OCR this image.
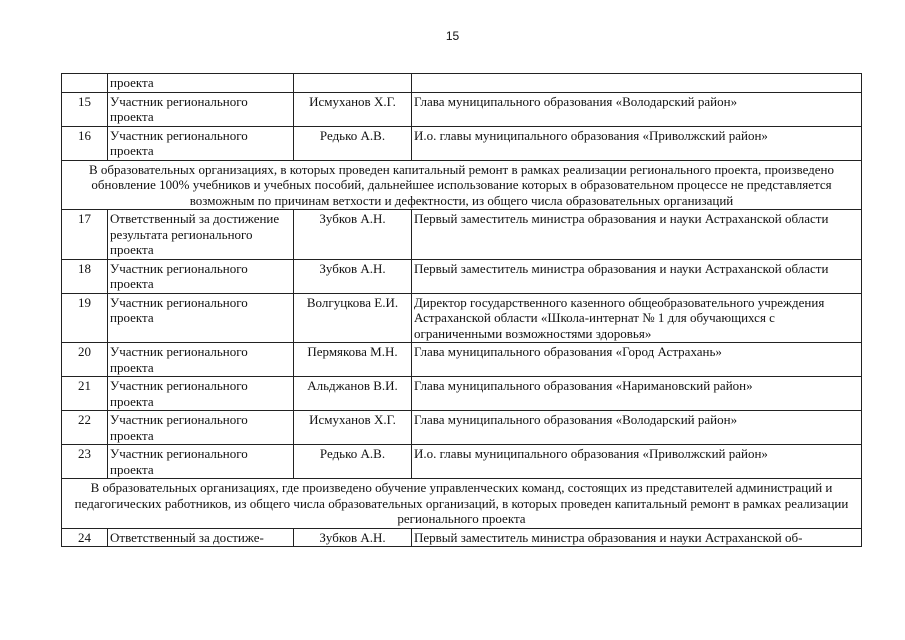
15
	проекта		
15	Участник регионального проекта	Исмуханов Х.Г.	Глава муниципального образования «Володарский район»
16	Участник регионального проекта	Редько А.В.	И.о. главы муниципального образования «Приволжский район»
В образовательных организациях, в которых проведен капитальный ремонт в рамках реализации регионального проекта, произведено обновление 100% учебников и учебных пособий, дальнейшее использование которых в образовательном процессе не представляется возможным по причинам ветхости и дефектности, из общего числа образовательных организаций			
17	Ответственный за достижение результата регионального проекта	Зубков А.Н.	Первый заместитель министра образования и науки Астраханской области
18	Участник регионального проекта	Зубков А.Н.	Первый заместитель министра образования и науки Астраханской области
19	Участник регионального проекта	Волгуцкова Е.И.	Директор государственного казенного общеобразовательного учреждения Астраханской области «Школа-интернат № 1 для обучающихся с ограниченными возможностями здоровья»
20	Участник регионального проекта	Пермякова М.Н.	Глава муниципального образования «Город Астрахань»
21	Участник регионального проекта	Альджанов В.И.	Глава муниципального образования «Наримановский район»
22	Участник регионального проекта	Исмуханов Х.Г.	Глава муниципального образования «Володарский район»
23	Участник регионального проекта	Редько А.В.	И.о. главы муниципального образования «Приволжский район»
В образовательных организациях, где произведено обучение управленческих команд, состоящих из представителей администраций и педагогических работников, из общего числа образовательных организаций, в которых проведен капитальный ремонт в рамках реализации регионального проекта			
24	Ответственный за достиже-	Зубков А.Н.	Первый заместитель министра образования и науки Астраханской об-
